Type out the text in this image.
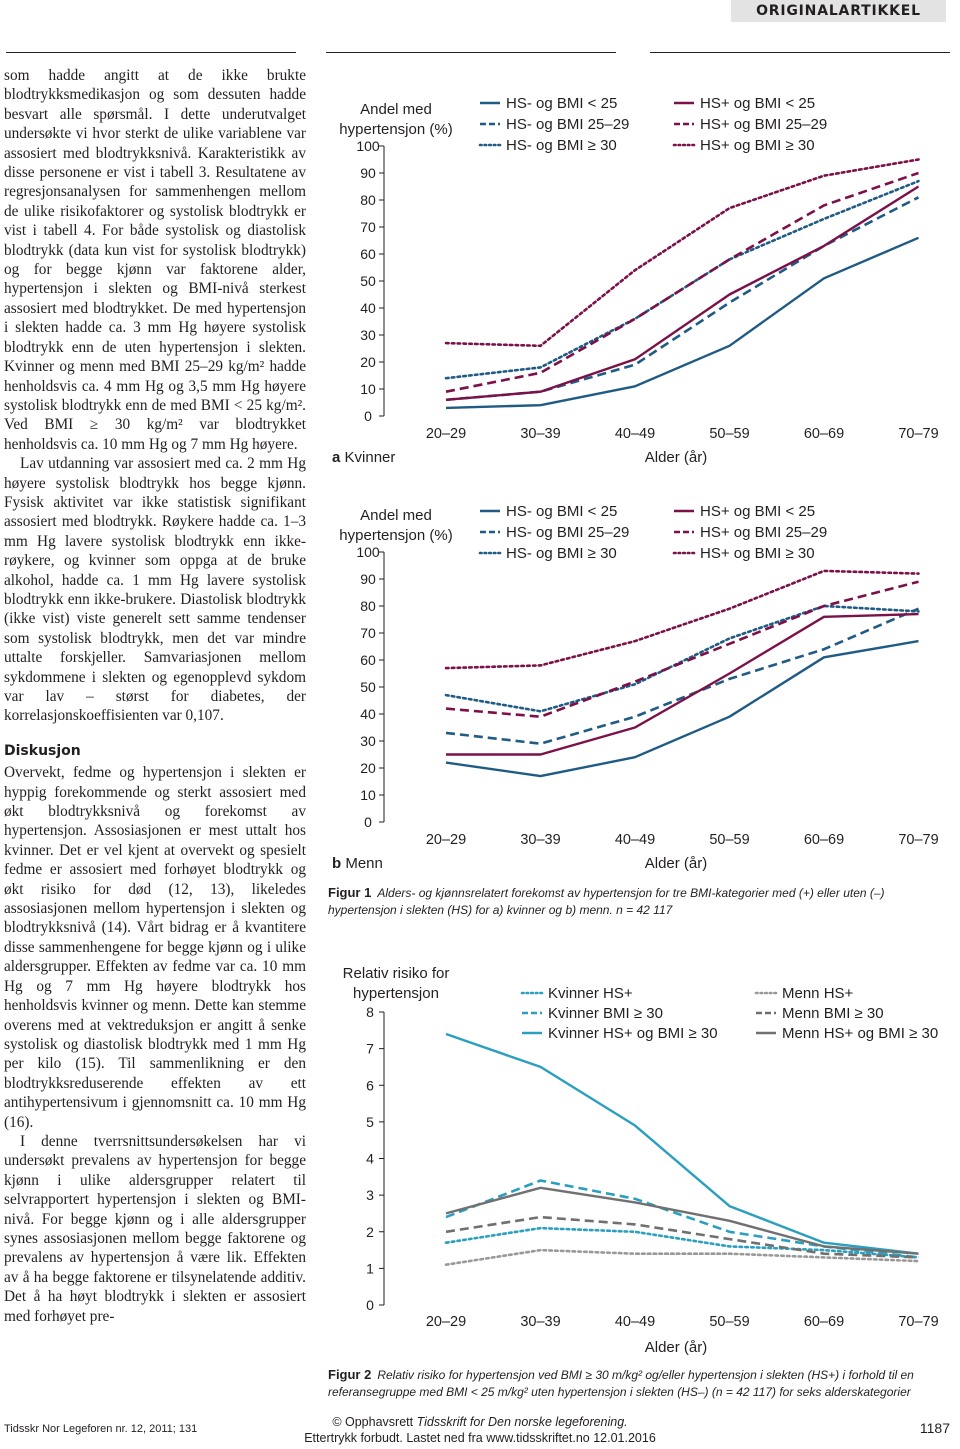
ORIGINALARTIKKEL

som hadde angitt at de ikke brukte blodtrykksmedikasjon og som dessuten hadde besvart alle spørsmål. I dette underutvalget undersøkte vi hvor sterkt de ulike variablene var assosiert med blodtrykksnivå. Karakteristikk av disse personene er vist i tabell 3. Resultatene av regresjonsanalysen for sammenhengen mellom de ulike risikofaktorer og systolisk blodtrykk er vist i tabell 4. For både systolisk og diastolisk blodtrykk (data kun vist for systolisk blodtrykk) og for begge kjønn var faktorene alder, hypertensjon i slekten og BMI-nivå sterkest assosiert med blodtrykket. De med hypertensjon i slekten hadde ca. 3 mm Hg høyere systolisk blodtrykk enn de uten hypertensjon i slekten. Kvinner og menn med BMI 25–29 kg/m² hadde henholdsvis ca. 4 mm Hg og 3,5 mm Hg høyere systolisk blodtrykk enn de med BMI < 25 kg/m². Ved BMI ≥ 30 kg/m² var blodtrykket henholdsvis ca. 10 mm Hg og 7 mm Hg høyere.

Lav utdanning var assosiert med ca. 2 mm Hg høyere systolisk blodtrykk hos begge kjønn. Fysisk aktivitet var ikke statistisk signifikant assosiert med blodtrykk. Røykere hadde ca. 1–3 mm Hg lavere systolisk blodtrykk enn ikke-røykere, og kvinner som oppga at de bruke alkohol, hadde ca. 1 mm Hg lavere systolisk blodtrykk enn ikke-brukere. Diastolisk blodtrykk (ikke vist) viste generelt sett samme tendenser som systolisk blodtrykk, men det var mindre uttalte forskjeller. Samvariasjonen mellom sykdommene i slekten og egenopplevd sykdom var lav – størst for diabetes, der korrelasjonskoeffisienten var 0,107.

Diskusjon

Overvekt, fedme og hypertensjon i slekten er hyppig forekommende og sterkt assosiert med økt blodtrykksnivå og forekomst av hypertensjon. Assosiasjonen er mest uttalt hos kvinner. Det er vel kjent at overvekt og spesielt fedme er assosiert med forhøyet blodtrykk og økt risiko for død (12, 13), likeledes assosiasjonen mellom hypertensjon i slekten og blodtrykksnivå (14). Vårt bidrag er å kvantitere disse sammenhengene for begge kjønn og i ulike aldersgrupper. Effekten av fedme var ca. 10 mm Hg og 7 mm Hg høyere blodtrykk hos henholdsvis kvinner og menn. Dette kan stemme overens med at vektreduksjon er angitt å senke systolisk og diastolisk blodtrykk med 1 mm Hg per kilo (15). Til sammenlikning er den blodtrykksreduserende effekten av ett antihypertensivum i gjennomsnitt ca. 10 mm Hg (16).

I denne tverrsnittsundersøkelsen har vi undersøkt prevalens av hypertensjon for begge kjønn i ulike aldersgrupper relatert til selvrapportert hypertensjon i slekten og BMI-nivå. For begge kjønn og i alle aldersgrupper synes assosiasjonen mellom begge faktorene og prevalens av hypertensjon å være lik. Effekten av å ha begge faktorene er tilsynelatende additiv. Det å ha høyt blodtrykk i slekten er assosiert med forhøyet pre-

Andel med
hypertensjon (%)
0
10
20
30
40
50
60
70
80
90
100
20–29	30–39	40–49	50–59	60–69	70–79
Alder (år)
a Kvinner
HS- og BMI < 25
HS- og BMI 25–29
HS- og BMI ≥ 30
HS+ og BMI < 25
HS+ og BMI 25–29
HS+ og BMI ≥ 30
Andel med
hypertensjon (%)
0
10
20
30
40
50
60
70
80
90
100
20–29	30–39	40–49	50–59	60–69	70–79
Alder (år)
b Menn
HS- og BMI < 25
HS- og BMI 25–29
HS- og BMI ≥ 30
HS+ og BMI < 25
HS+ og BMI 25–29
HS+ og BMI ≥ 30
Figur 1 Alders- og kjønnsrelatert forekomst av hypertensjon for tre BMI-kategorier med (+) eller uten (–) hypertensjon i slekten (HS) for a) kvinner og b) menn. n = 42 117
Relativ risiko for
hypertensjon
0
1
2
3
4
5
6
7
8
20–29	30–39	40–49	50–59	60–69	70–79
Alder (år)
Kvinner HS+
Kvinner BMI ≥ 30
Kvinner HS+ og BMI ≥ 30
Menn HS+
Menn BMI ≥ 30
Menn HS+ og BMI ≥ 30
Figur 2 Relativ risiko for hypertensjon ved BMI ≥ 30 m/kg² og/eller hypertensjon i slekten (HS+) i forhold til en referansegruppe med BMI < 25 m/kg² uten hypertensjon i slekten (HS–) (n = 42 117) for seks alderskategorier
Tidsskr Nor Legeforen nr. 12, 2011; 131	© Opphavsrett Tidsskrift for Den norske legeforening.
Ettertrykk forbudt. Lastet ned fra www.tidsskriftet.no 12.01.2016
1187
